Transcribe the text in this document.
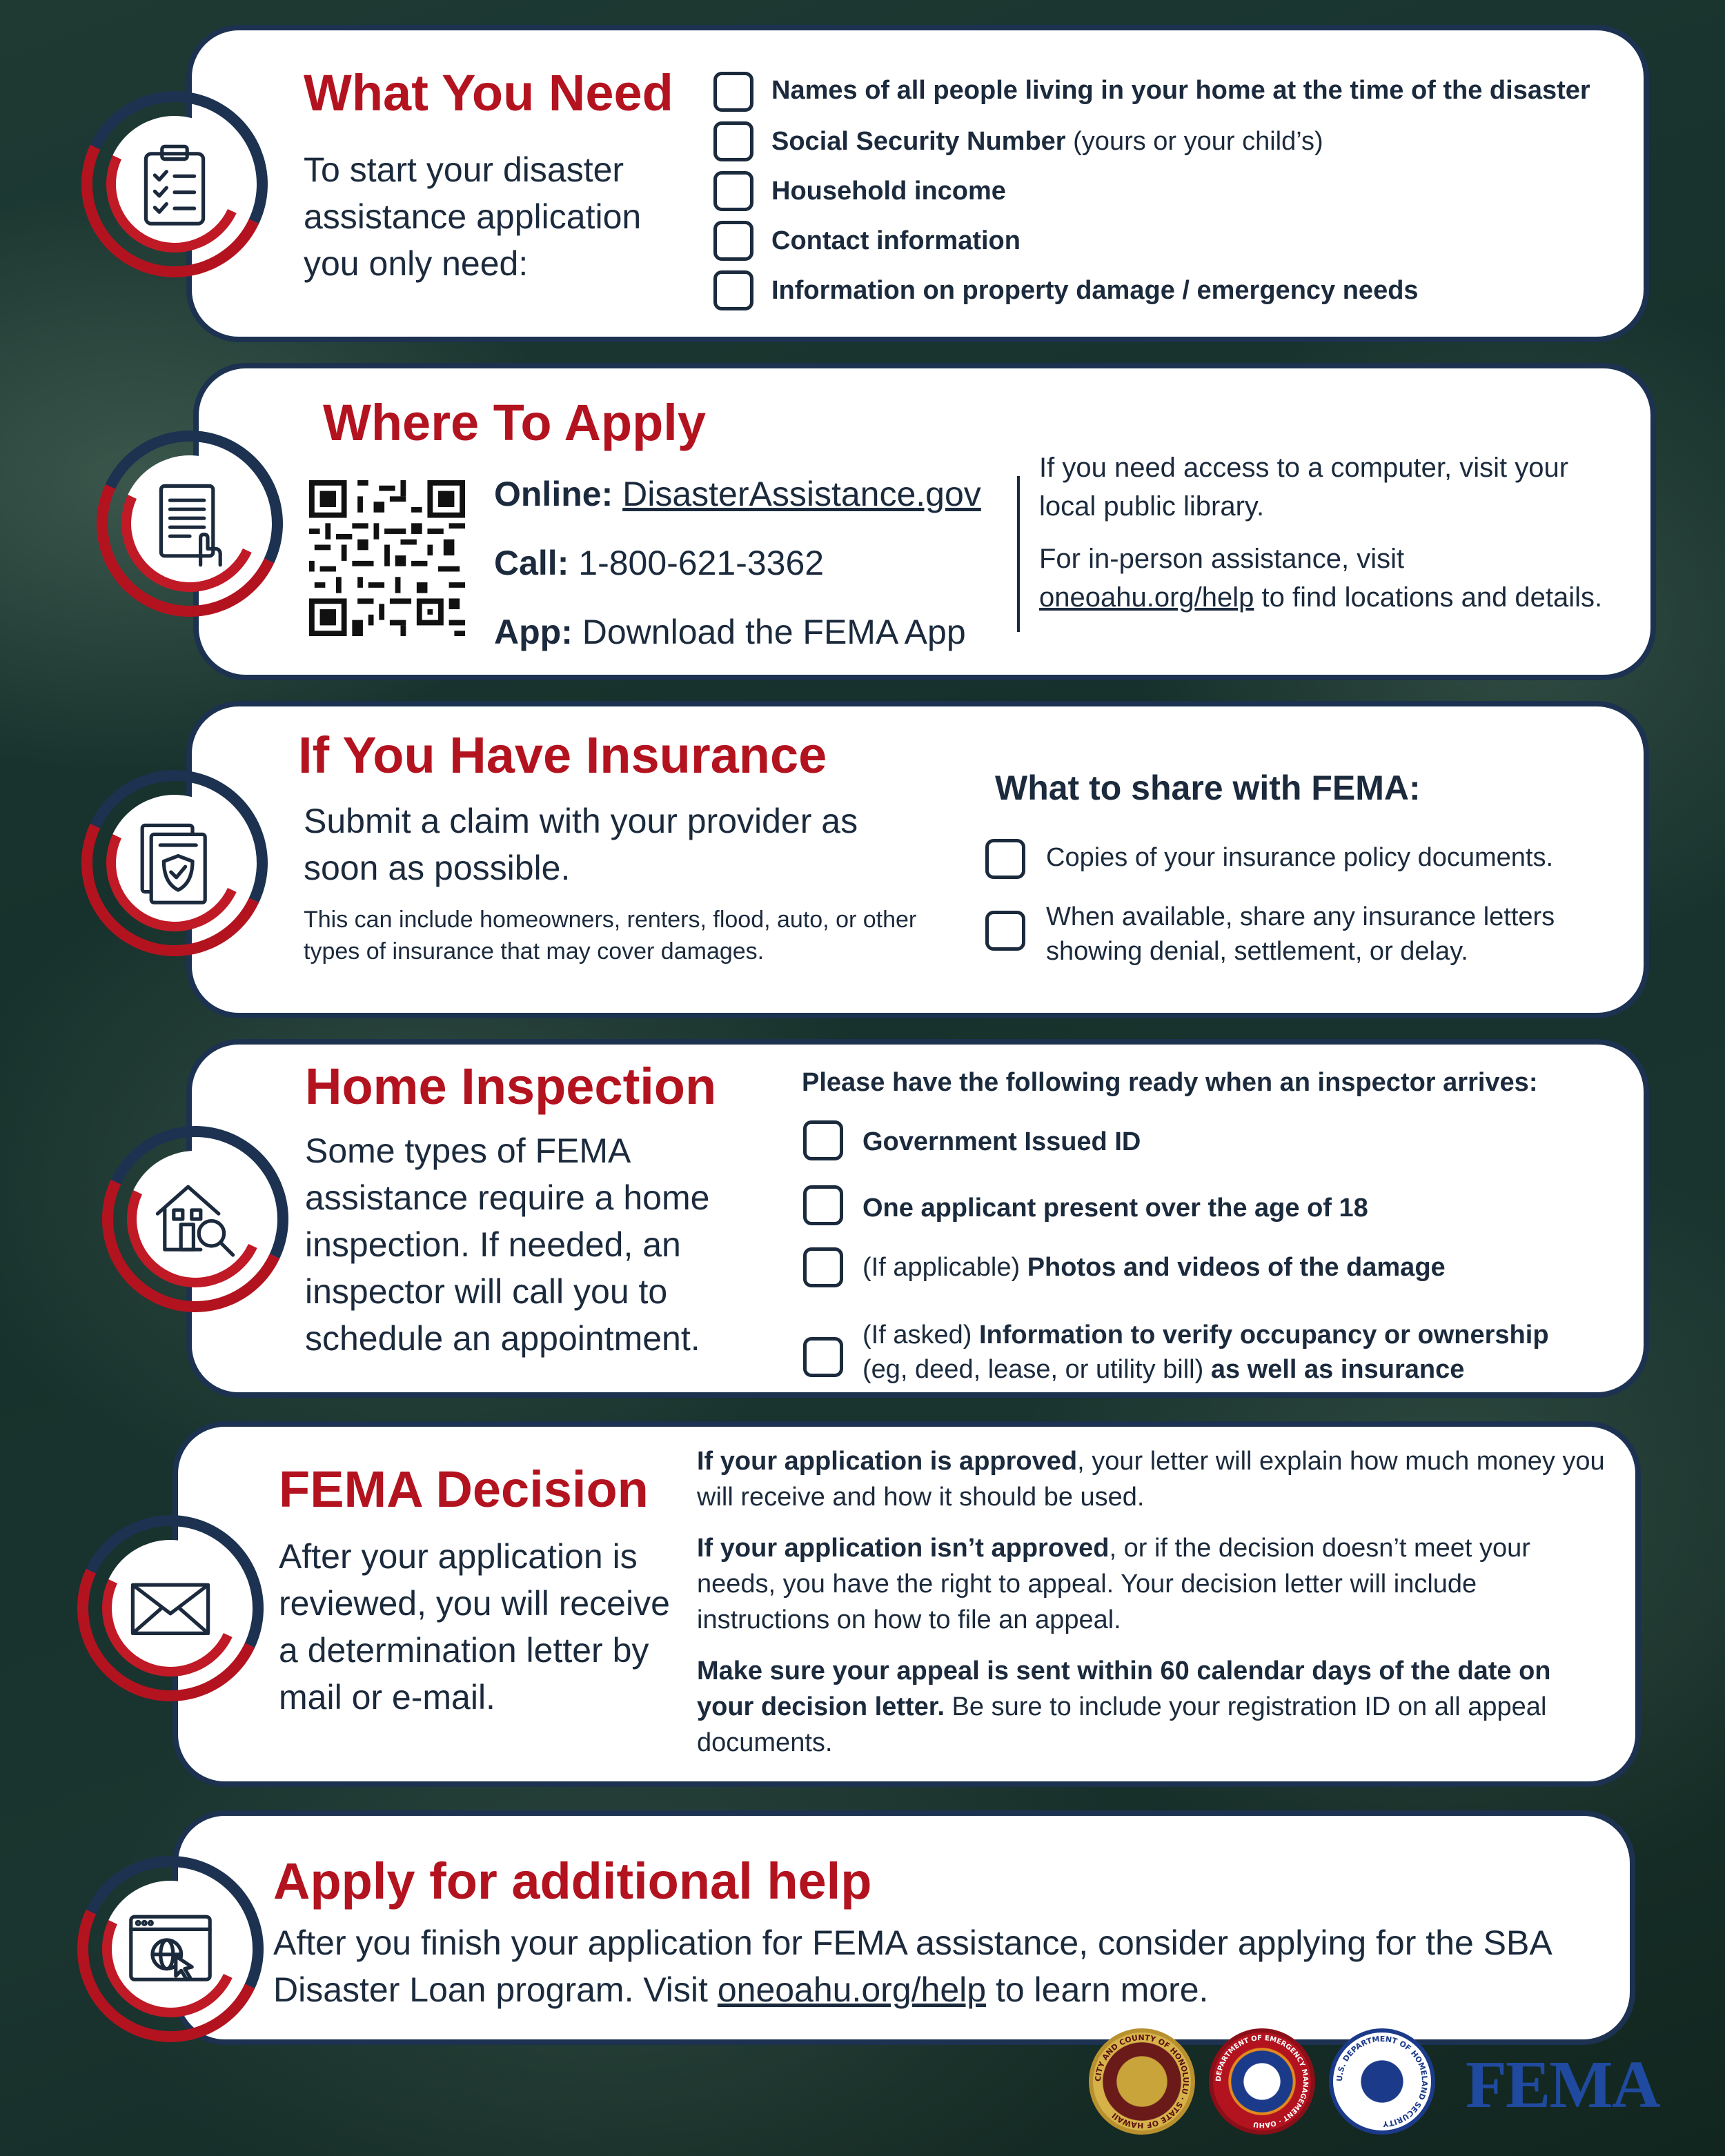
What You Need
To start your disaster assistance application you only need:
Names of all people living in your home at the time of the disaster
Social Security Number (yours or your child’s)
Household income
Contact information
Information on property damage / emergency needs
Where To Apply
Online: DisasterAssistance.gov
Call: 1-800-621-3362
App: Download the FEMA App
If you need access to a computer, visit your local public library.
For in-person assistance, visit
oneoahu.org/help to find locations and details.
If You Have Insurance
Submit a claim with your provider as soon as possible.
This can include homeowners, renters, flood, auto, or other types of insurance that may cover damages.
What to share with FEMA:
Copies of your insurance policy documents.
When available, share any insurance letters showing denial, settlement, or delay.
Home Inspection
Some types of FEMA assistance require a home inspection. If needed, an inspector will call you to schedule an appointment.
Please have the following ready when an inspector arrives:
Government Issued ID
One applicant present over the age of 18
(If applicable) Photos and videos of the damage
(If asked) Information to verify occupancy or ownership
(eg, deed, lease, or utility bill) as well as insurance
FEMA Decision
After your application is reviewed, you will receive a determination letter by mail or e-mail.
If your application is approved, your letter will explain how much money you will receive and how it should be used.
If your application isn’t approved, or if the decision doesn’t meet your needs, you have the right to appeal. Your decision letter will include instructions on how to file an appeal.
Make sure your appeal is sent within 60 calendar days of the date on your decision letter. Be sure to include your registration ID on all appeal documents.
Apply for additional help
After you finish your application for FEMA assistance, consider applying for the SBA Disaster Loan program. Visit oneoahu.org/help to learn more.
CITY AND COUNTY OF HONOLULU · STATE OF HAWAII
DEPARTMENT OF EMERGENCY MANAGEMENT · OAHU
U.S. DEPARTMENT OF HOMELAND SECURITY
FEMA
